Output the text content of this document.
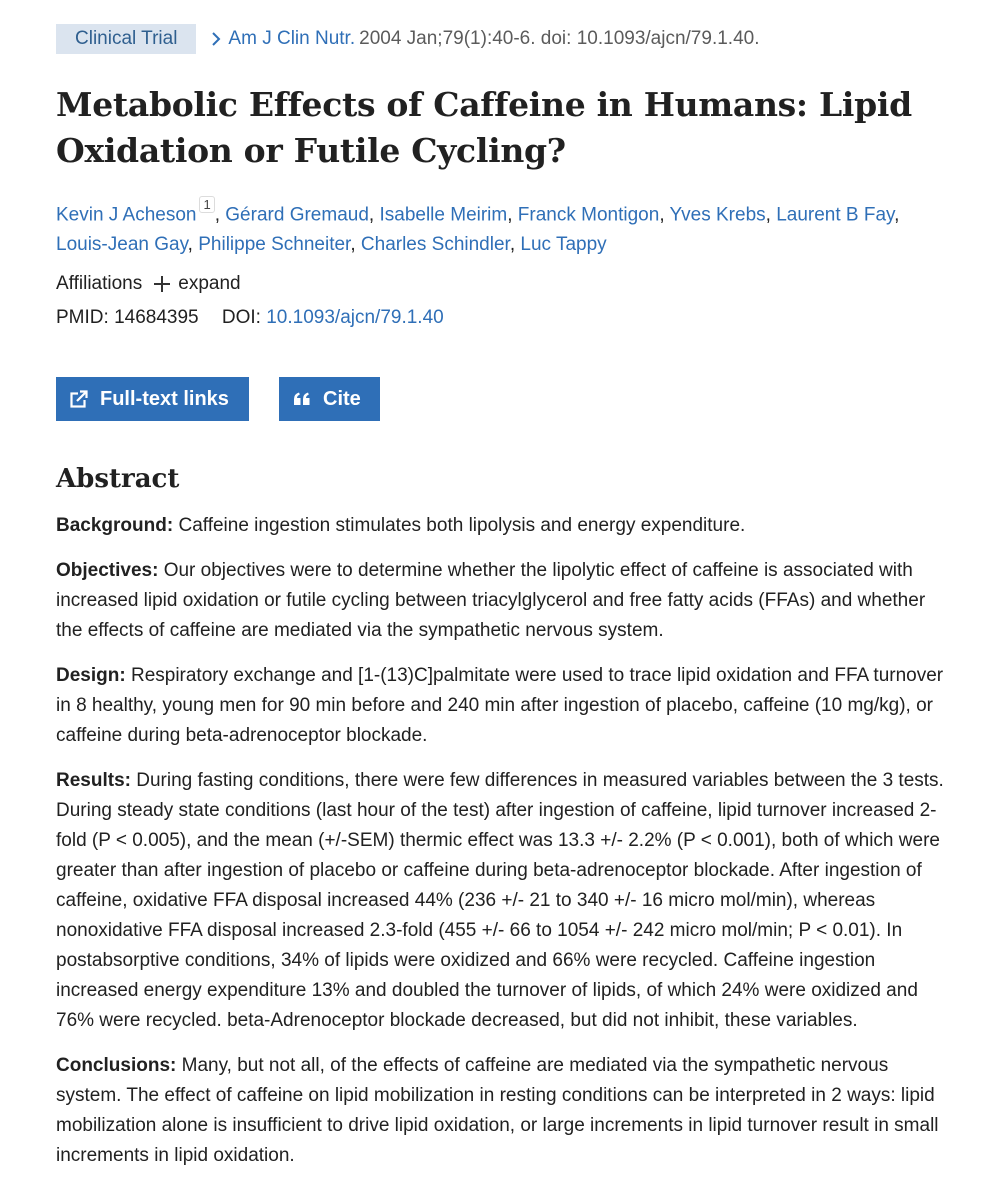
Clinical Trial	Am J Clin Nutr. 2004 Jan;79(1):40-6. doi: 10.1093/ajcn/79.1.40.
Metabolic Effects of Caffeine in Humans: Lipid Oxidation or Futile Cycling?
Kevin J Acheson $^1$ , Gérard Gremaud, Isabelle Meirim, Franck Montigon, Yves Krebs, Laurent B Fay, Louis-Jean Gay, Philippe Schneiter, Charles Schindler, Luc Tappy
Affiliations expand
PMID: 14684395 DOI: 10.1093/ajcn/79.1.40
Full-text links	Cite
Abstract

Background: Caffeine ingestion stimulates both lipolysis and energy expenditure.

Objectives: Our objectives were to determine whether the lipolytic effect of caffeine is associated with increased lipid oxidation or futile cycling between triacylglycerol and free fatty acids (FFAs) and whether the effects of caffeine are mediated via the sympathetic nervous system.

Design: Respiratory exchange and [1-(13)C]palmitate were used to trace lipid oxidation and FFA turnover in 8 healthy, young men for 90 min before and 240 min after ingestion of placebo, caffeine (10 mg/kg), or caffeine during beta-adrenoceptor blockade.

Results: During fasting conditions, there were few differences in measured variables between the 3 tests. During steady state conditions (last hour of the test) after ingestion of caffeine, lipid turnover increased 2-fold (P < 0.005), and the mean (+/-SEM) thermic effect was 13.3 +/- 2.2% (P < 0.001), both of which were greater than after ingestion of placebo or caffeine during beta-adrenoceptor blockade. After ingestion of caffeine, oxidative FFA disposal increased 44% (236 +/- 21 to 340 +/- 16 micro mol/min), whereas nonoxidative FFA disposal increased 2.3-fold (455 +/- 66 to 1054 +/- 242 micro mol/min; P < 0.01). In postabsorptive conditions, 34% of lipids were oxidized and 66% were recycled. Caffeine ingestion increased energy expenditure 13% and doubled the turnover of lipids, of which 24% were oxidized and 76% were recycled. beta-Adrenoceptor blockade decreased, but did not inhibit, these variables.

Conclusions: Many, but not all, of the effects of caffeine are mediated via the sympathetic nervous system. The effect of caffeine on lipid mobilization in resting conditions can be interpreted in 2 ways: lipid mobilization alone is insufficient to drive lipid oxidation, or large increments in lipid turnover result in small increments in lipid oxidation.
